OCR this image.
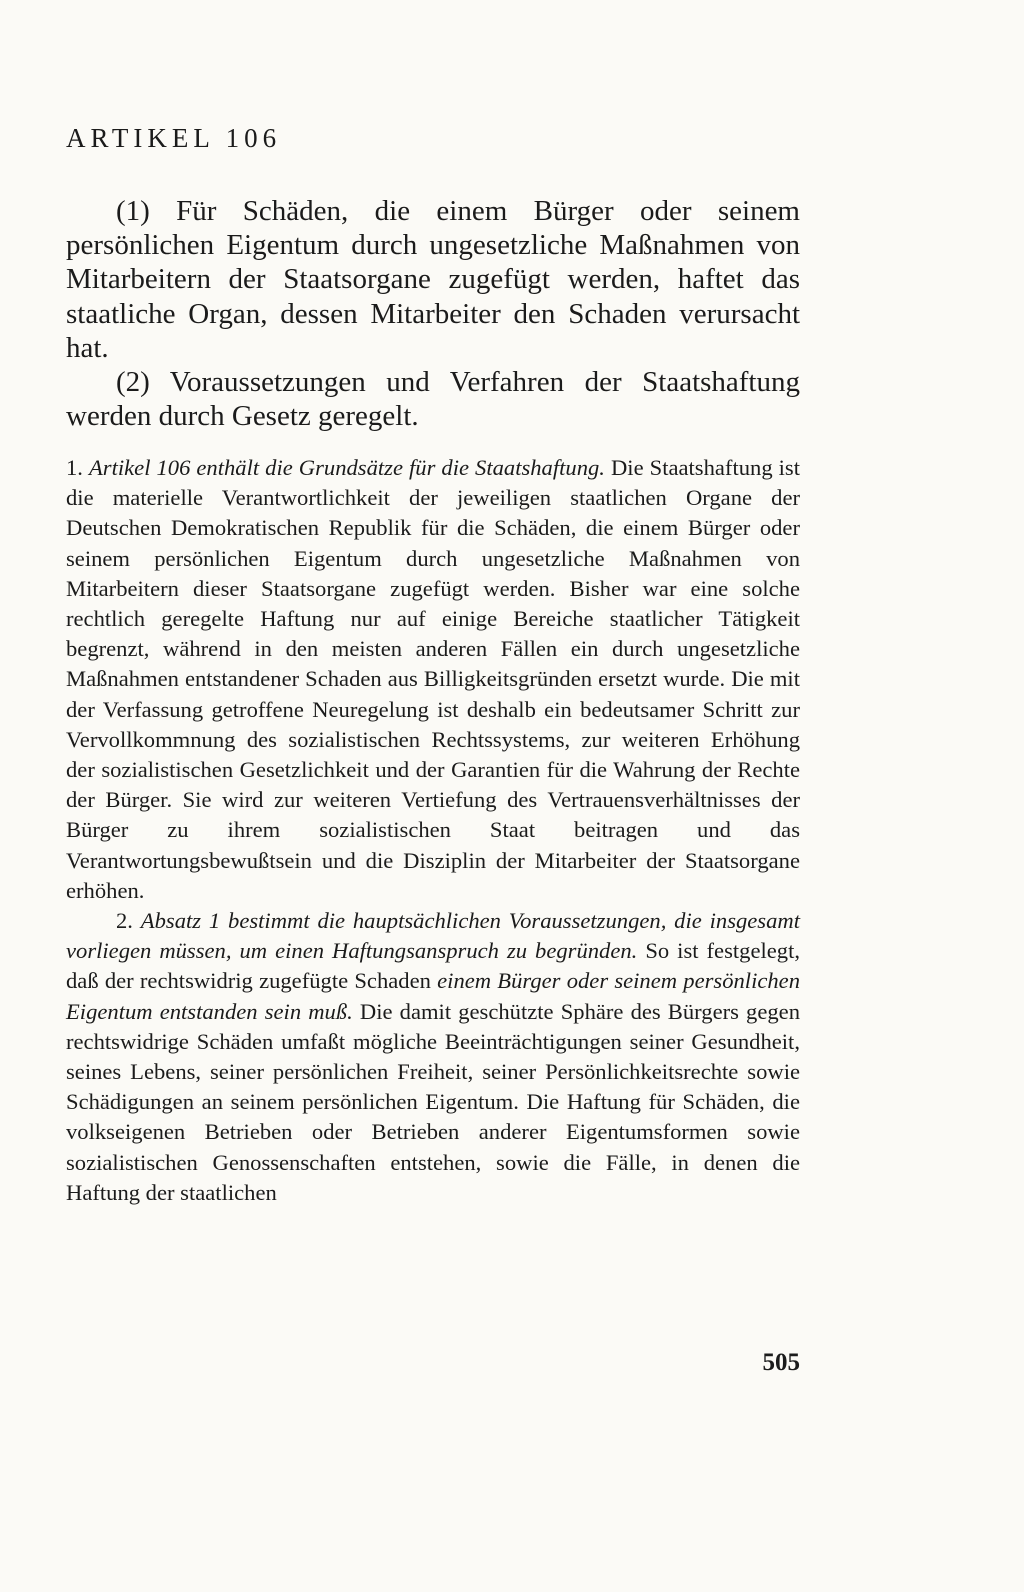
ARTIKEL 106

(1) Für Schäden, die einem Bürger oder seinem persönlichen Eigentum durch ungesetzliche Maßnahmen von Mitarbeitern der Staatsorgane zugefügt werden, haftet das staatliche Organ, dessen Mitarbeiter den Schaden verursacht hat.

(2) Voraussetzungen und Verfahren der Staatshaftung werden durch Gesetz geregelt.

1. Artikel 106 enthält die Grundsätze für die Staatshaftung. Die Staatshaftung ist die materielle Verantwortlichkeit der jeweiligen staatlichen Organe der Deutschen Demokratischen Republik für die Schäden, die einem Bürger oder seinem persönlichen Eigentum durch ungesetzliche Maßnahmen von Mitarbeitern dieser Staatsorgane zugefügt werden. Bisher war eine solche rechtlich geregelte Haftung nur auf einige Bereiche staatlicher Tätigkeit begrenzt, während in den meisten anderen Fällen ein durch ungesetzliche Maßnahmen entstandener Schaden aus Billigkeitsgründen ersetzt wurde. Die mit der Verfassung getroffene Neuregelung ist deshalb ein bedeutsamer Schritt zur Vervollkommnung des sozialistischen Rechtssystems, zur weiteren Erhöhung der sozialistischen Gesetzlichkeit und der Garantien für die Wahrung der Rechte der Bürger. Sie wird zur weiteren Vertiefung des Vertrauensverhältnisses der Bürger zu ihrem sozialistischen Staat beitragen und das Verantwortungsbewußtsein und die Disziplin der Mitarbeiter der Staatsorgane erhöhen.

2. Absatz 1 bestimmt die hauptsächlichen Voraussetzungen, die insgesamt vorliegen müssen, um einen Haftungsanspruch zu begründen. So ist festgelegt, daß der rechtswidrig zugefügte Schaden einem Bürger oder seinem persönlichen Eigentum entstanden sein muß. Die damit geschützte Sphäre des Bürgers gegen rechtswidrige Schäden umfaßt mögliche Beeinträchtigungen seiner Gesundheit, seines Lebens, seiner persönlichen Freiheit, seiner Persönlichkeitsrechte sowie Schädigungen an seinem persönlichen Eigentum. Die Haftung für Schäden, die volkseigenen Betrieben oder Betrieben anderer Eigentumsformen sowie sozialistischen Genossenschaften entstehen, sowie die Fälle, in denen die Haftung der staatlichen

505
